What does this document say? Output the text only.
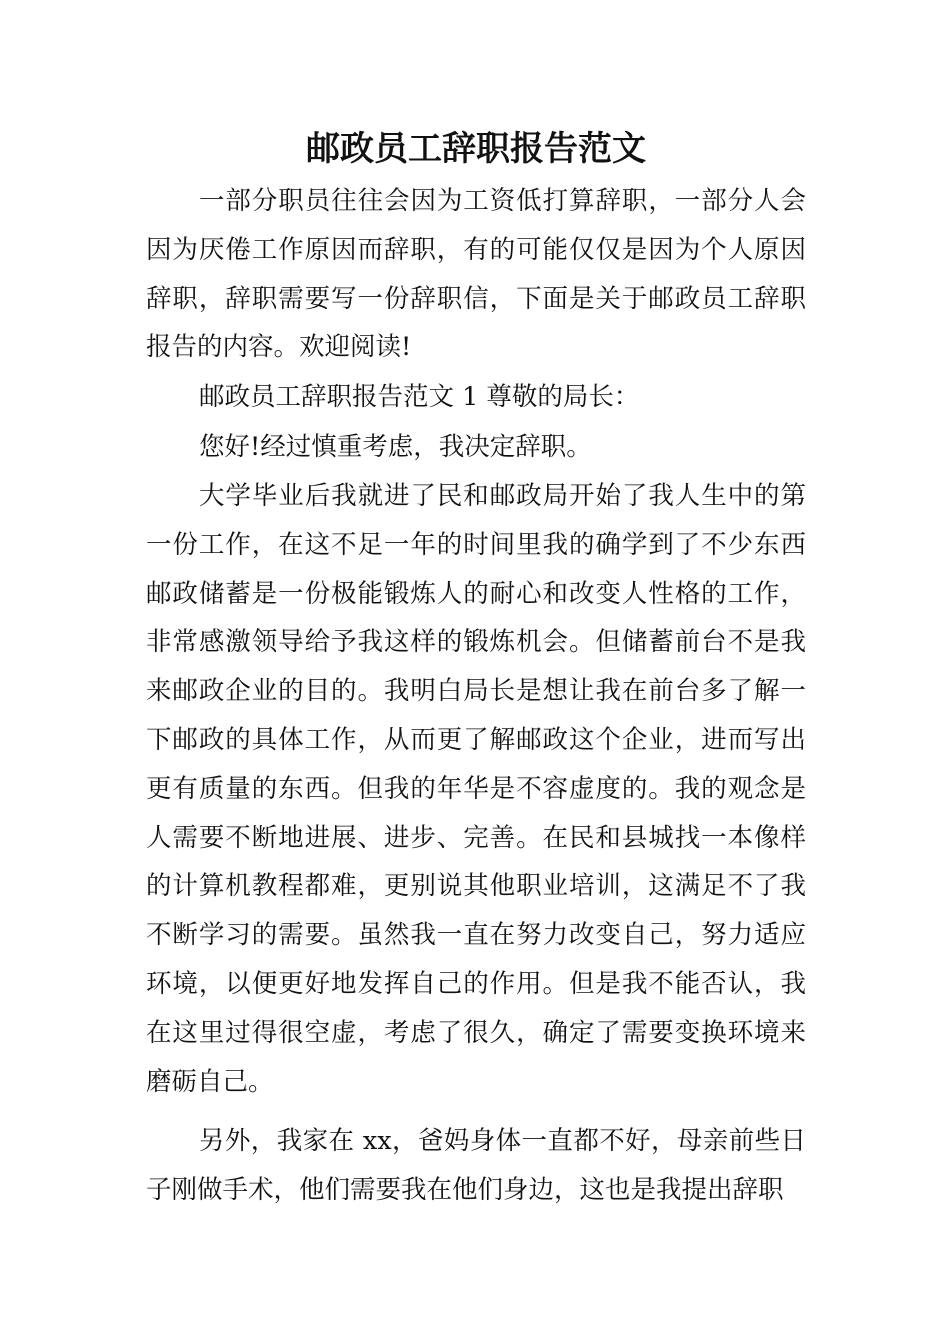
邮政员工辞职报告范文

一部分职员往往会因为工资低打算辞职，一部分人会因为厌倦工作原因而辞职，有的可能仅仅是因为个人原因辞职，辞职需要写一份辞职信，下面是关于邮政员工辞职报告的内容。欢迎阅读!

邮政员工辞职报告范文 1 尊敬的局长：

您好!经过慎重考虑，我决定辞职。

大学毕业后我就进了民和邮政局开始了我人生中的第一份工作，在这不足一年的时间里我的确学到了不少东西邮政储蓄是一份极能锻炼人的耐心和改变人性格的工作，非常感激领导给予我这样的锻炼机会。但储蓄前台不是我来邮政企业的目的。我明白局长是想让我在前台多了解一下邮政的具体工作，从而更了解邮政这个企业，进而写出更有质量的东西。但我的年华是不容虚度的。我的观念是人需要不断地进展、进步、完善。在民和县城找一本像样的计算机教程都难，更别说其他职业培训，这满足不了我不断学习的需要。虽然我一直在努力改变自己，努力适应环境，以便更好地发挥自己的作用。但是我不能否认，我在这里过得很空虚，考虑了很久，确定了需要变换环境来磨砺自己。

另外，我家在 xx，爸妈身体一直都不好，母亲前些日子刚做手术，他们需要我在他们身边，这也是我提出辞职
